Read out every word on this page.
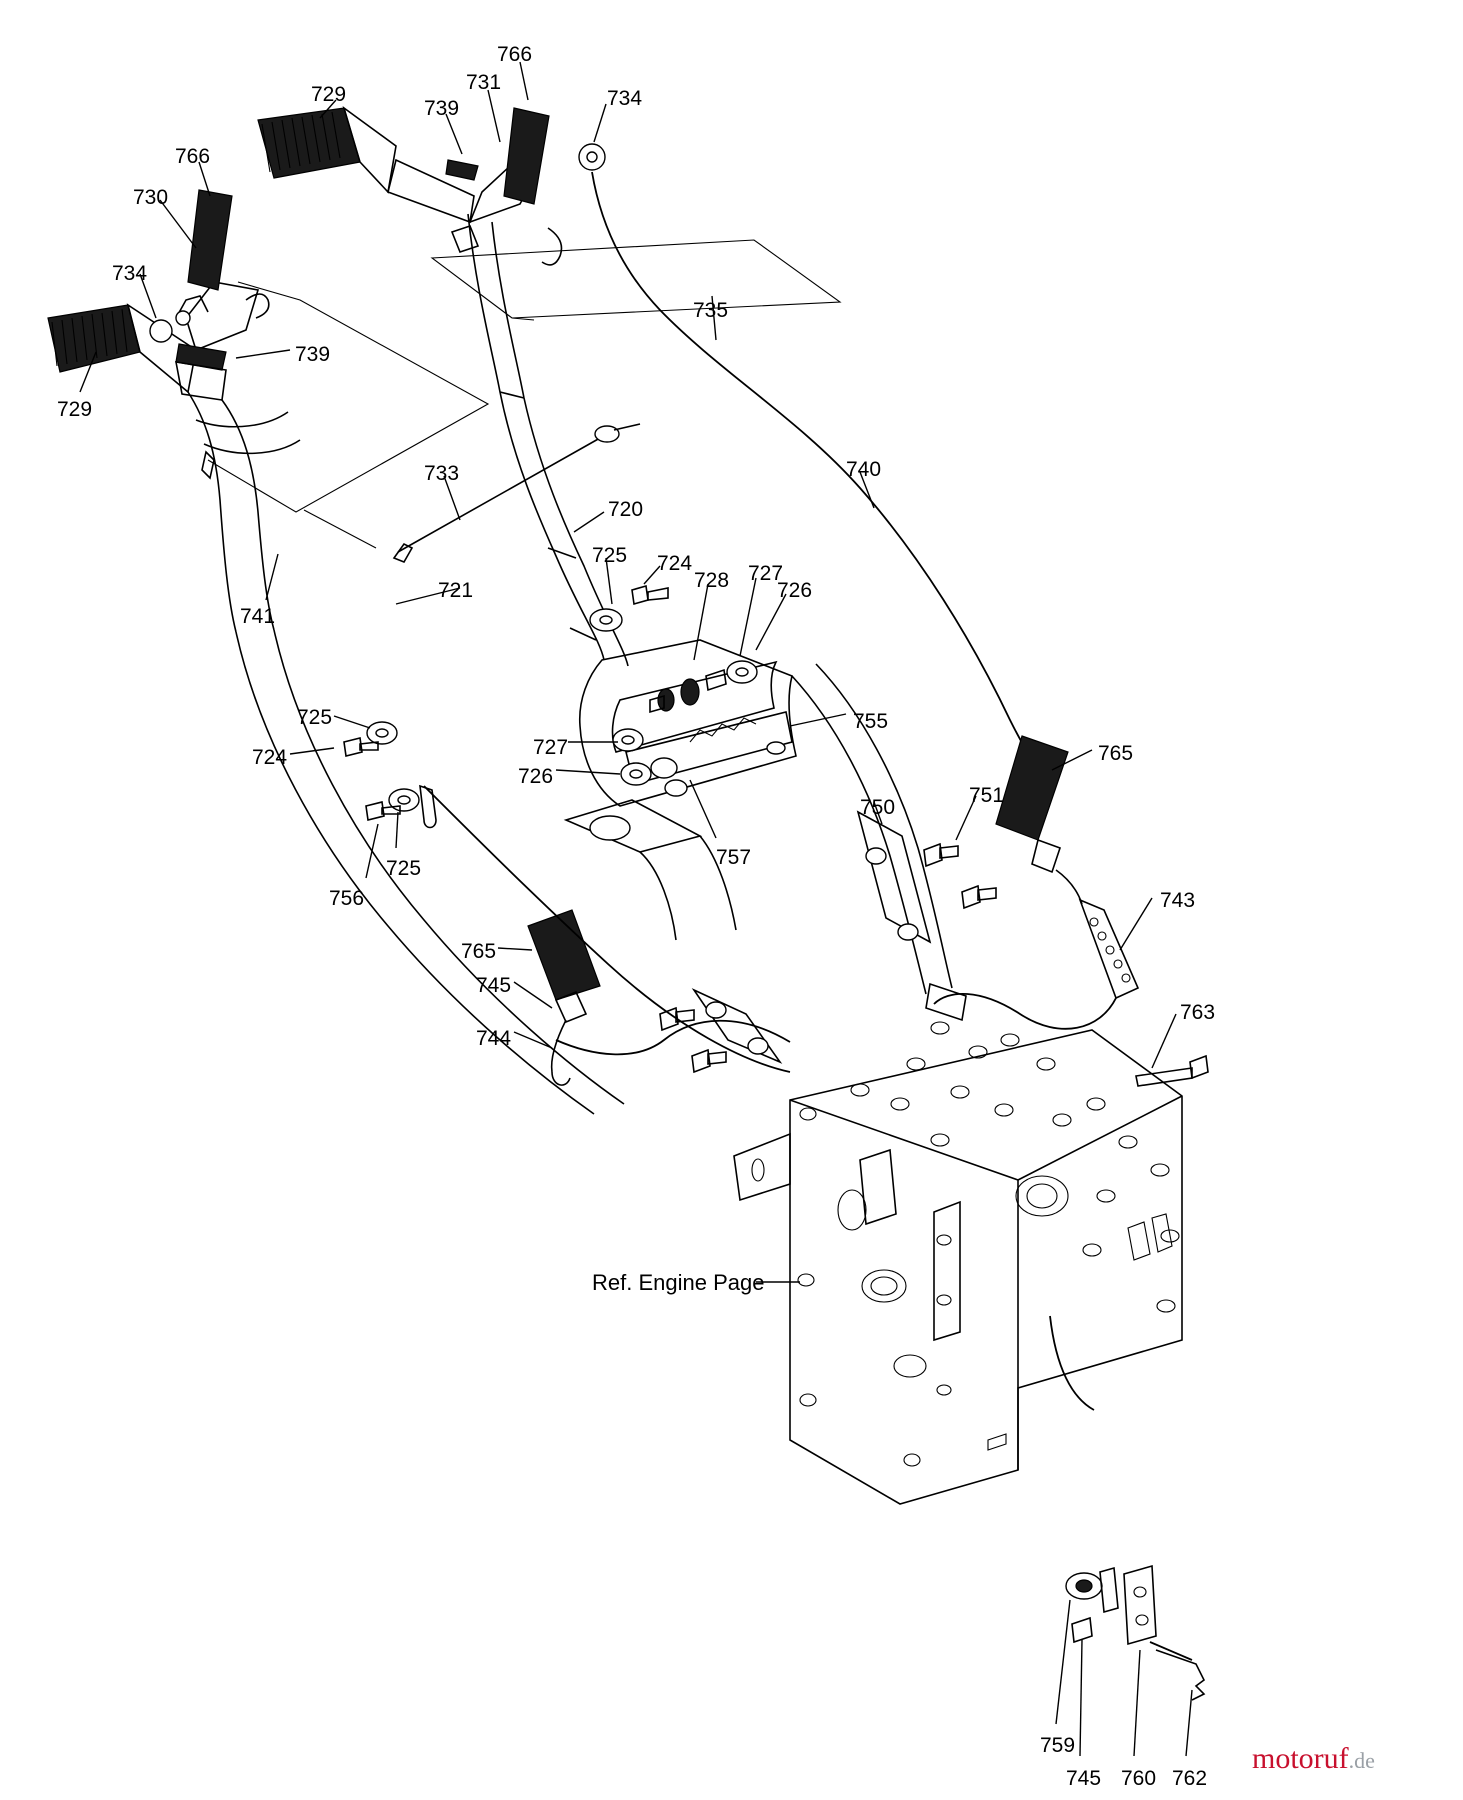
766
731
729
739	734
766
730
734
735
739
729
740
733
720
724
725
721	728 727
726
741
755
725
727
724	765
726
750
751
725	757
756	743
765
745
763
744
759
745 760 762
Ref. Engine Page
motoruf.de
